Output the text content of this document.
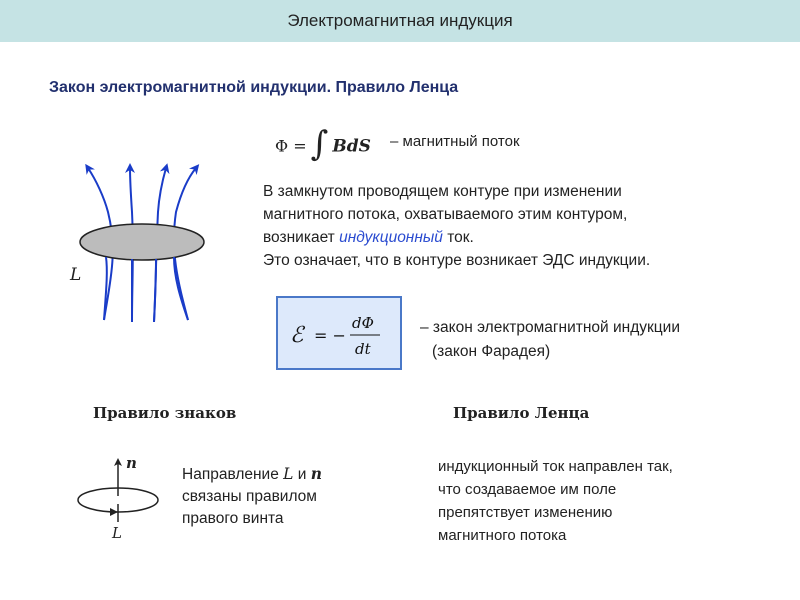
Электромагнитная индукция
Закон электромагнитной индукции. Правило Ленца
Φ = ∫ BdS – магнитный поток
L
В замкнутом проводящем контуре при изменении
магнитного потока, охватываемого этим контуром,
возникает индукционный ток.
Это означает, что в контуре возникает ЭДС индукции.
ℰ = −
dΦ
dt
– закон электромагнитной индукции
(закон Фарадея)
Правило знаков
n
L
Направление L и n
связаны правилом
правого винта
Правило Ленца
индукционный ток направлен так,
что создаваемое им поле
препятствует изменению
магнитного потока
